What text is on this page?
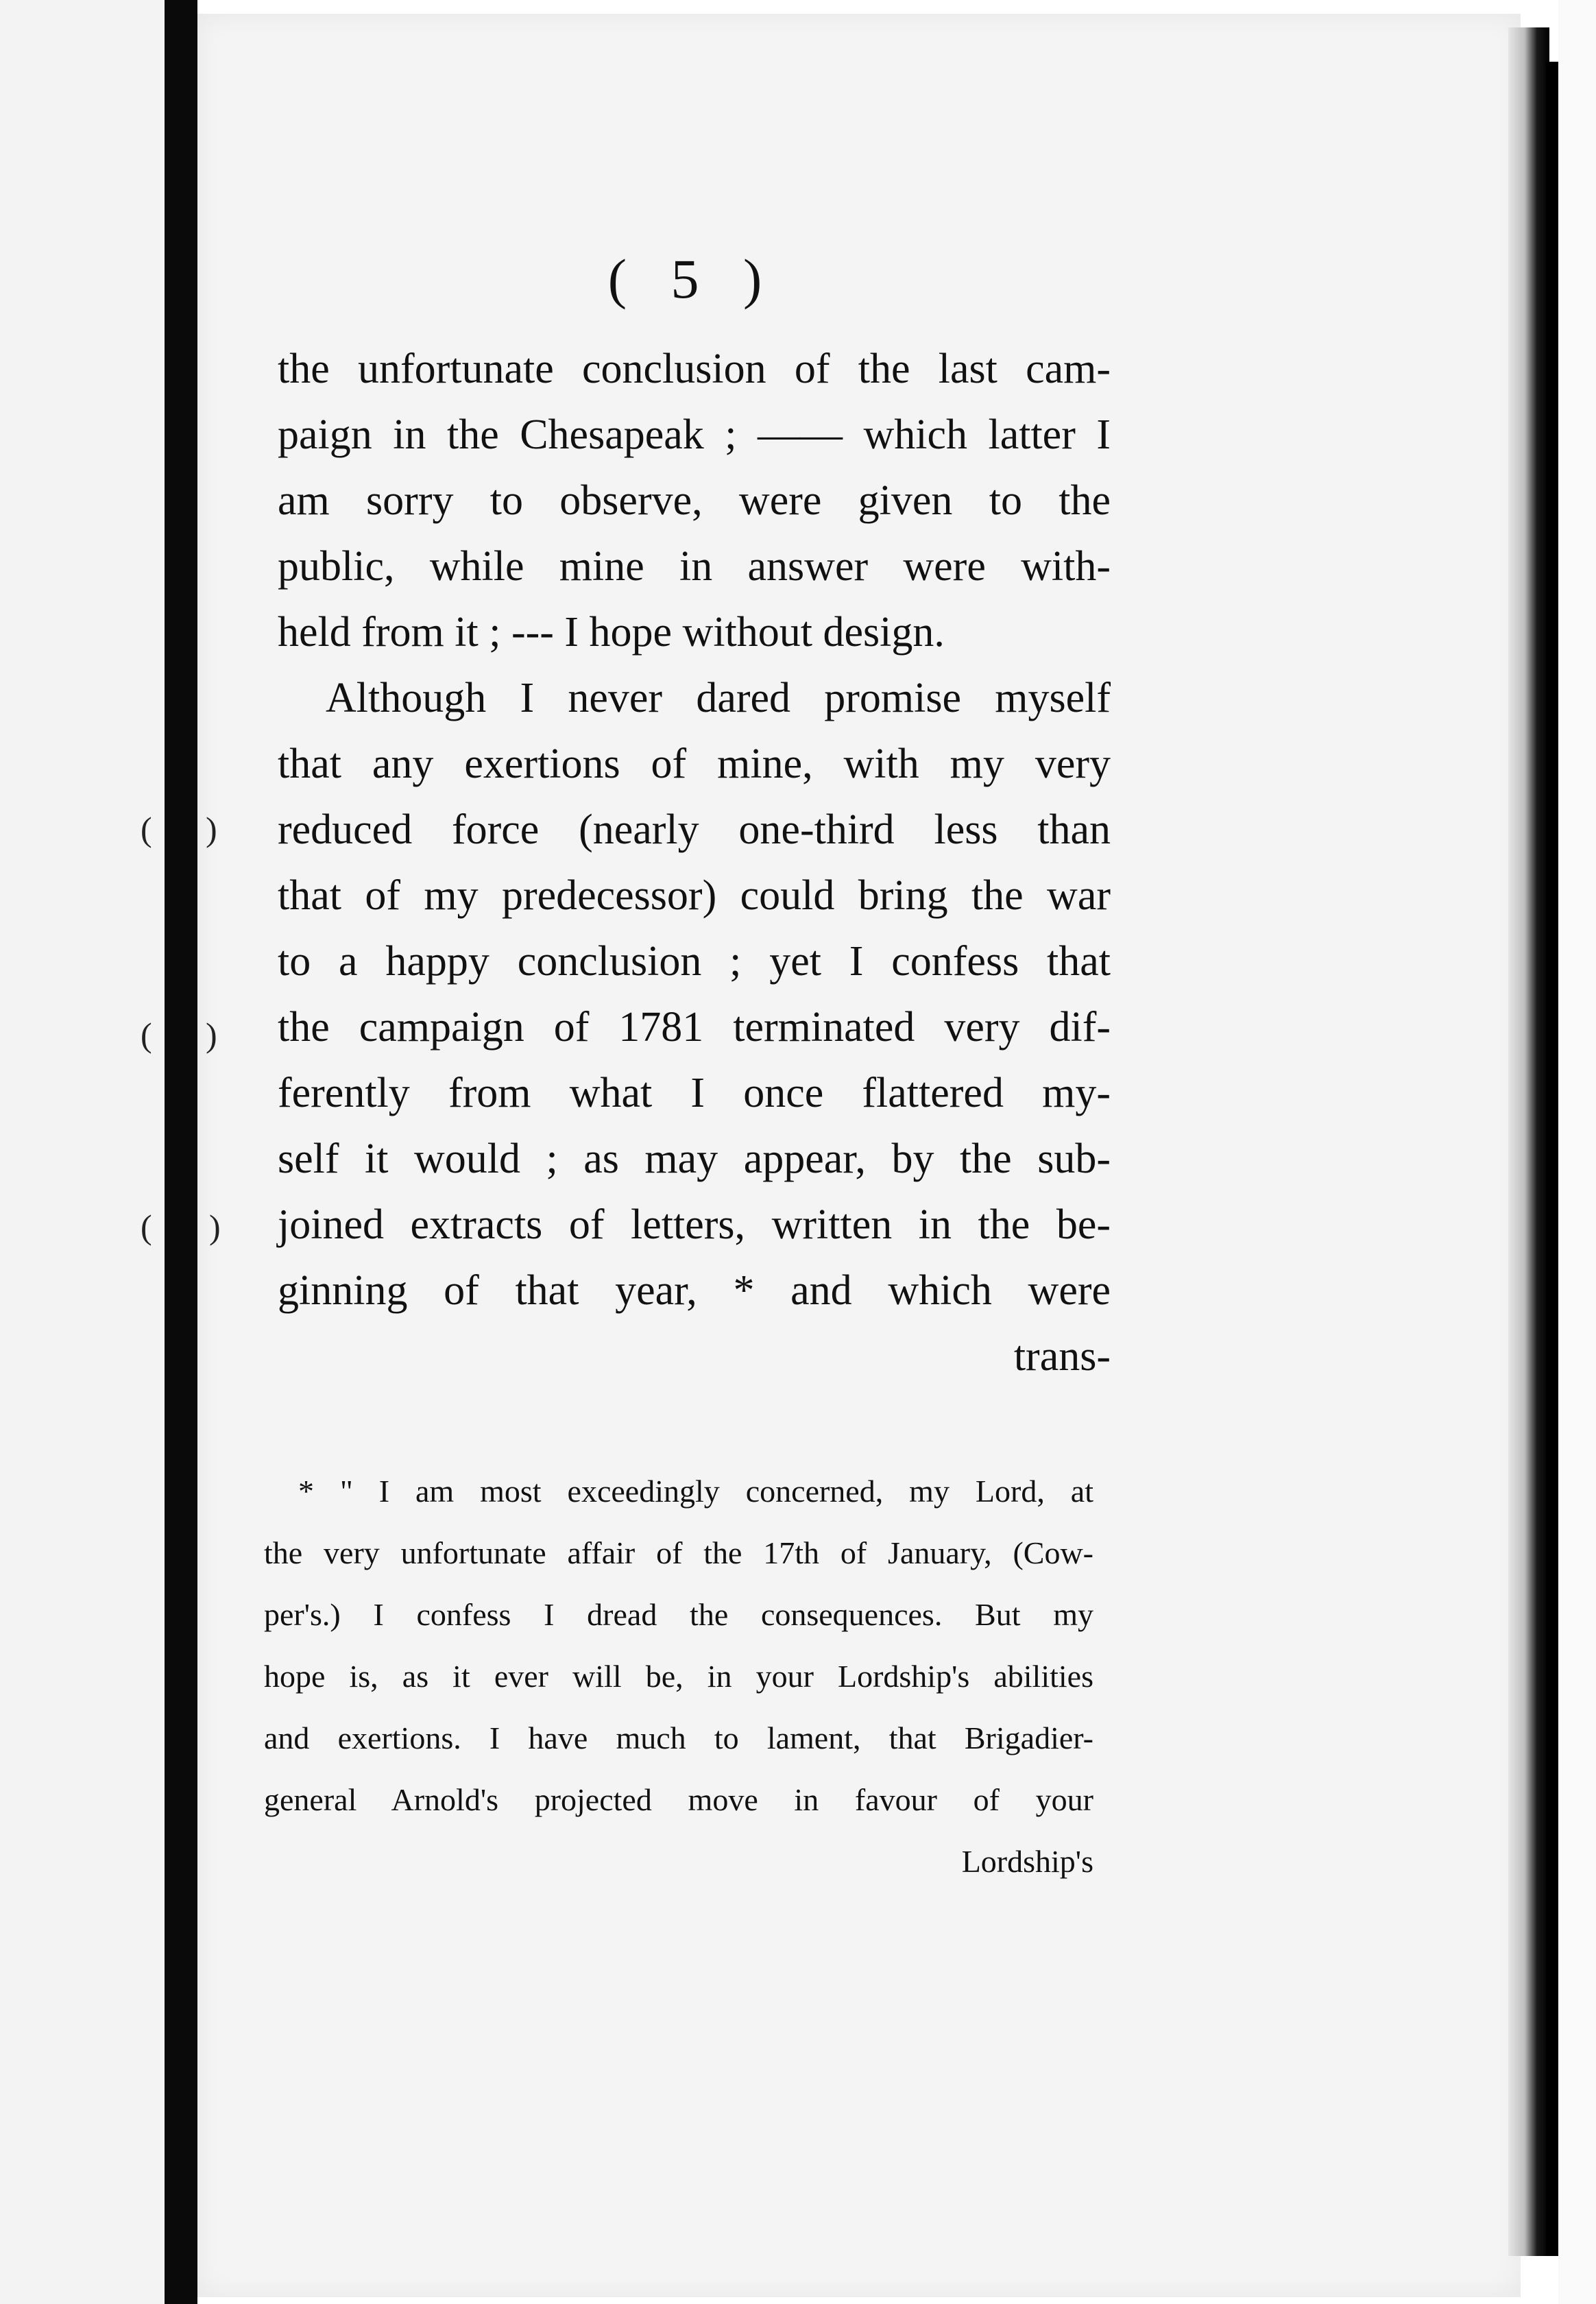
( )
( )
( )
( 5 )
the unfortunate conclusion of the last cam-
paign in the Chesapeak ; —— which latter I
am sorry to observe, were given to the
public, while mine in answer were with-
held from it ; --- I hope without design.
Although I never dared promise myself
that any exertions of mine, with my very
reduced force (nearly one-third less than
that of my predecessor) could bring the war
to a happy conclusion ; yet I confess that
the campaign of 1781 terminated very dif-
ferently from what I once flattered my-
self it would ; as may appear, by the sub-
joined extracts of letters, written in the be-
ginning of that year, * and which were
trans-
* " I am most exceedingly concerned, my Lord, at
the very unfortunate affair of the 17th of January, (Cow-
per's.) I confess I dread the consequences. But my
hope is, as it ever will be, in your Lordship's abilities
and exertions. I have much to lament, that Brigadier-
general Arnold's projected move in favour of your
Lordship's
